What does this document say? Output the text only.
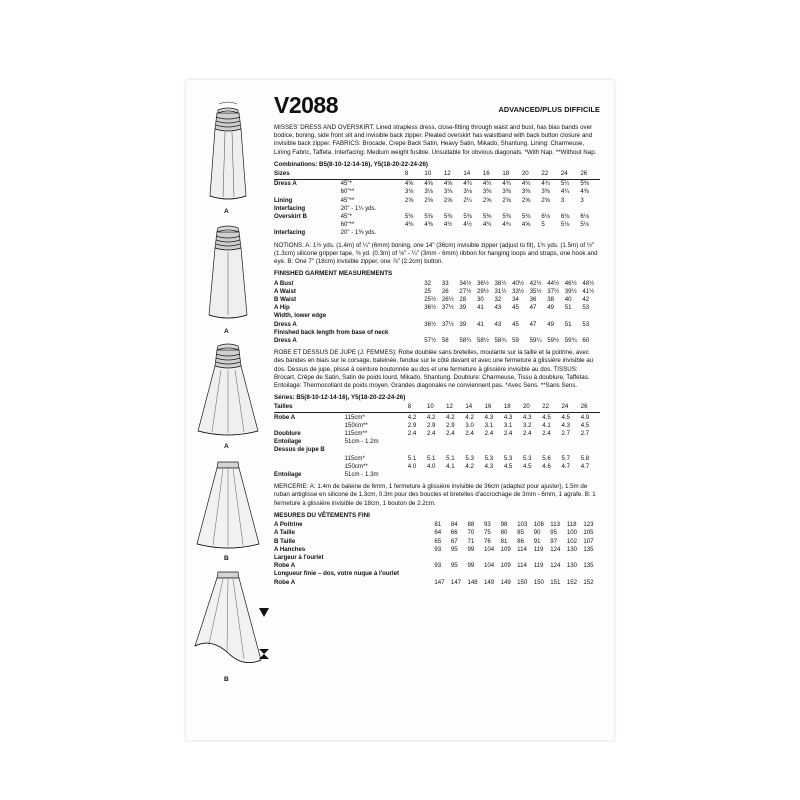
A
A
A
B
B
V2088	ADVANCED/PLUS DIFFICILE

MISSES' DRESS AND OVERSKIRT: Lined strapless dress, close-fitting through waist and bust, has bias bands over bodice, boning, side front slit and invisible back zipper. Pleated overskirt has waistband with back button closure and invisible back zipper. FABRICS: Brocade, Crepe Back Satin, Heavy Satin, Mikado, Shantung. Lining: Charmeuse, Lining Fabric, Taffeta. Interfacing: Medium weight fusible. Unsuitable for obvious diagonals. *With Nap. **Without Nap.

Combinations: B5(8-10-12-14-16), Y5(18-20-22-24-26)
Sizes		8	10	12	14	16	18	20	22	24	26
Dress A	45"*	4⅝	4⅝	4⅝	4¾	4¾	4¾	4¾	4¾	5¼	5⅜
	60"**	3⅛	3⅛	3⅛	3⅛	3⅜	3⅜	3⅜	3⅜	4¼	4⅜
Lining	45"**	2⅝	2⅝	2⅝	2¼	2⅝	2⅝	2⅝	2⅝	3	3
Interfacing	20" - 1¼ yds.										
Overskirt B	45"*	5⅜	5⅜	5⅜	5⅜	5⅜	5⅜	5⅜	6⅛	6⅛	6⅛
	60"**	4⅜	4⅜	4½	4½	4¾	4¾	4⅝	5	5⅛	5⅛
Interfacing	20" - 1⅜ yds.										

NOTIONS: A: 1½ yds. (1.4m) of ¼" (6mm) boning, one 14" (36cm) invisible zipper (adjust to fit), 1¾ yds. (1.5m) of ½" (1.3cm) silicone gripper tape, ⅜ yd. (0.3m) of ⅛" - ¼" (3mm - 6mm) ribbon for hanging loops and straps, one hook and eye. B: One 7" (18cm) invisible zipper, one ⅞" (2.2cm) button.

FINISHED GARMENT MEASUREMENTS
A Bust		32	33	34½	36½	38½	40½	42½	44½	46½	48½
A Waist		25	26	27½	29½	31½	33½	35½	37½	39½	41½
B Waist		25½	26½	28	30	32	34	36	38	40	42
A Hip		36½	37½	39	41	43	45	47	49	51	53
Width, lower edge											
Dress A		36½	37½	39	41	43	45	47	49	51	53
Finished back length from base of neck											
Dress A		57½	58	58¼	58½	58¾	59	59¼	59½	59¾	60

ROBE ET DESSUS DE JUPE (J. FEMMES): Robe doublée sans bretelles, moulante sur la taille et la poitrine, avec des bandes en biais sur le corsage, baleinée, fendue sur le côté devant et avec une fermeture à glissière invisible au dos. Dessus de jupe, plissé à ceinture boutonnée au dos et une fermeture à glissière invisible au dos. TISSUS: Brocart, Crêpe de Satin, Satin de poids lourd, Mikado, Shantung. Doublure: Charmeuse, Tissu à doublure, Taffetas. Entoilage: Thermocollant de poids moyen. Grandes diagonales ne conviennent pas. *Avec Sens. **Sans Sens.

Séries: B5(8-10-12-14-16), Y5(18-20-22-24-26)
Tailles		8	10	12	14	16	18	20	22	24	26
Robe A	115cm*	4.2	4.2	4.2	4.2	4.3	4.3	4.3	4.5	4.5	4.9
	150cm**	2.9	2.9	2.9	3.0	3.1	3.1	3.2	4.1	4.3	4.5
Doublure	115cm**	2.4	2.4	2.4	2.4	2.4	2.4	2.4	2.4	2.7	2.7
Entoilage	51cm - 1.2m										
Dessus de jupe B											
	115cm*	5.1	5.1	5.1	5.3	5.3	5.3	5.3	5.6	5.7	5.8
	150cm**	4.0	4.0	4.1	4.2	4.3	4.5	4.5	4.6	4.7	4.7
Entoilage	51cm - 1.3m										

MERCERIE: A: 1.4m de baleine de 6mm, 1 fermeture à glissière invisible de 36cm (adaptez pour ajuster), 1.5m de ruban antiglisse en silicone de 1.3cm, 0.3m pour des boucles et bretelles d'accrochage de 3mm - 6mm, 1 agrafe. B: 1 fermeture à glissière invisible de 18cm, 1 bouton de 2.2cm.

MESURES DU VÊTEMENTS FINI
A Poitrine		81	84	88	93	98	103	108	113	118	123
A Taille		64	66	70	75	80	85	90	95	100	105
B Taille		65	67	71	76	81	86	91	97	102	107
A Hanches		93	95	99	104	109	114	119	124	130	135
Largeur à l'ourlet											
Robe A		93	95	99	104	109	114	119	124	130	135
Longueur finie – dos, votre nuque à l'ourlet											
Robe A		147	147	148	149	149	150	150	151	152	152
